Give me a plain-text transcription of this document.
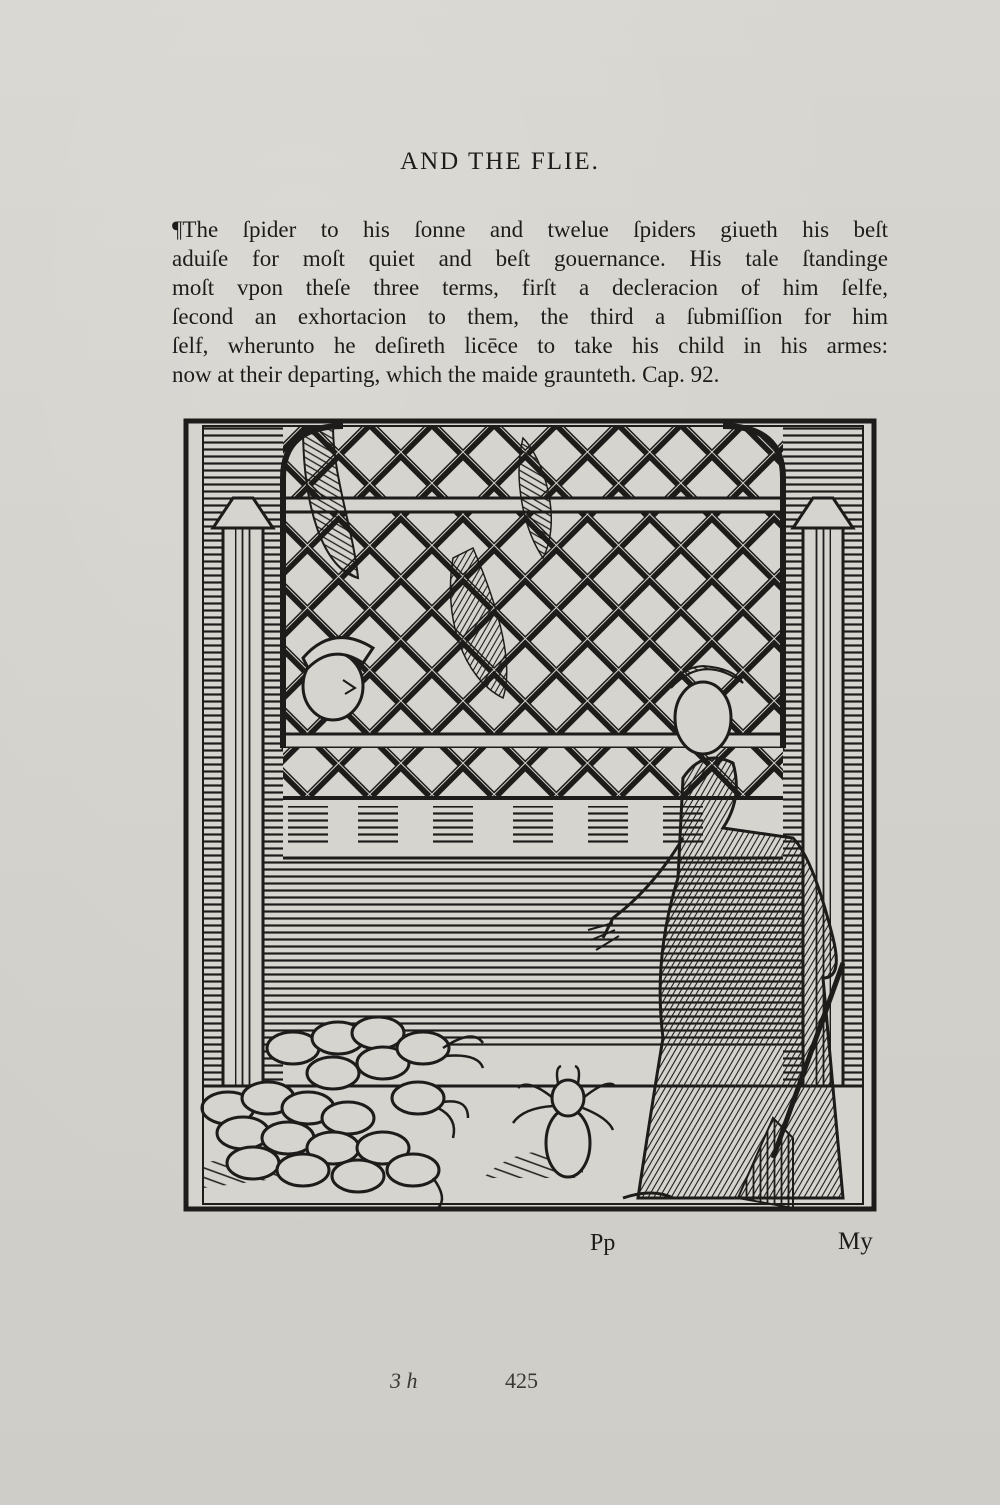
AND THE FLIE.
¶The ſpider to his ſonne and twelue ſpiders giueth his beſt
aduiſe for moſt quiet and beſt gouernance. His tale ſtandinge
moſt vpon theſe three terms, firſt a decleracion of him ſelfe,
ſecond an exhortacion to them, the third a ſubmiſſion for him
ſelf, wheruntо he deſireth licēce to take his child in his armes:
now at their departing, which the maide graunteth. Cap. 92.
Pp	My
3 h	425
